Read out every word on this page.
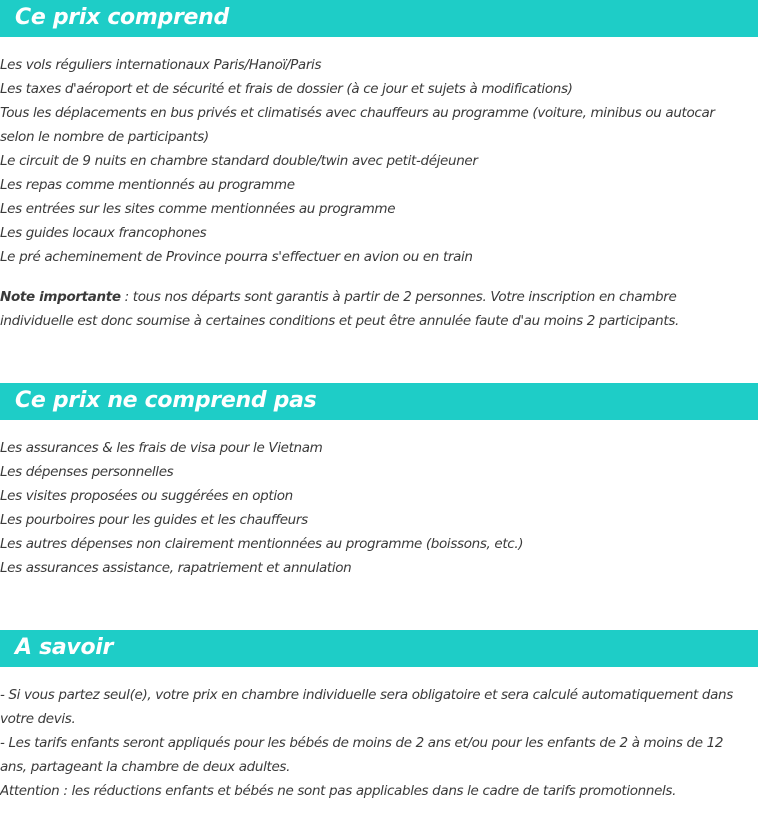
Ce prix comprend
Les vols réguliers internationaux Paris/Hanoï/Paris
Les taxes d'aéroport et de sécurité et frais de dossier (à ce jour et sujets à modifications)
Tous les déplacements en bus privés et climatisés avec chauffeurs au programme (voiture, minibus ou autocar selon le nombre de participants)
Le circuit de 9 nuits en chambre standard double/twin avec petit-déjeuner
Les repas comme mentionnés au programme
Les entrées sur les sites comme mentionnées au programme
Les guides locaux francophones
Le pré acheminement de Province pourra s'effectuer en avion ou en train
Note importante : tous nos départs sont garantis à partir de 2 personnes. Votre inscription en chambre individuelle est donc soumise à certaines conditions et peut être annulée faute d'au moins 2 participants.
Ce prix ne comprend pas
Les assurances & les frais de visa pour le Vietnam
Les dépenses personnelles
Les visites proposées ou suggérées en option
Les pourboires pour les guides et les chauffeurs
Les autres dépenses non clairement mentionnées au programme (boissons, etc.)
Les assurances assistance, rapatriement et annulation
A savoir
- Si vous partez seul(e), votre prix en chambre individuelle sera obligatoire et sera calculé automatiquement dans votre devis.
- Les tarifs enfants seront appliqués pour les bébés de moins de 2 ans et/ou pour les enfants de 2 à moins de 12 ans, partageant la chambre de deux adultes.
Attention : les réductions enfants et bébés ne sont pas applicables dans le cadre de tarifs promotionnels.
